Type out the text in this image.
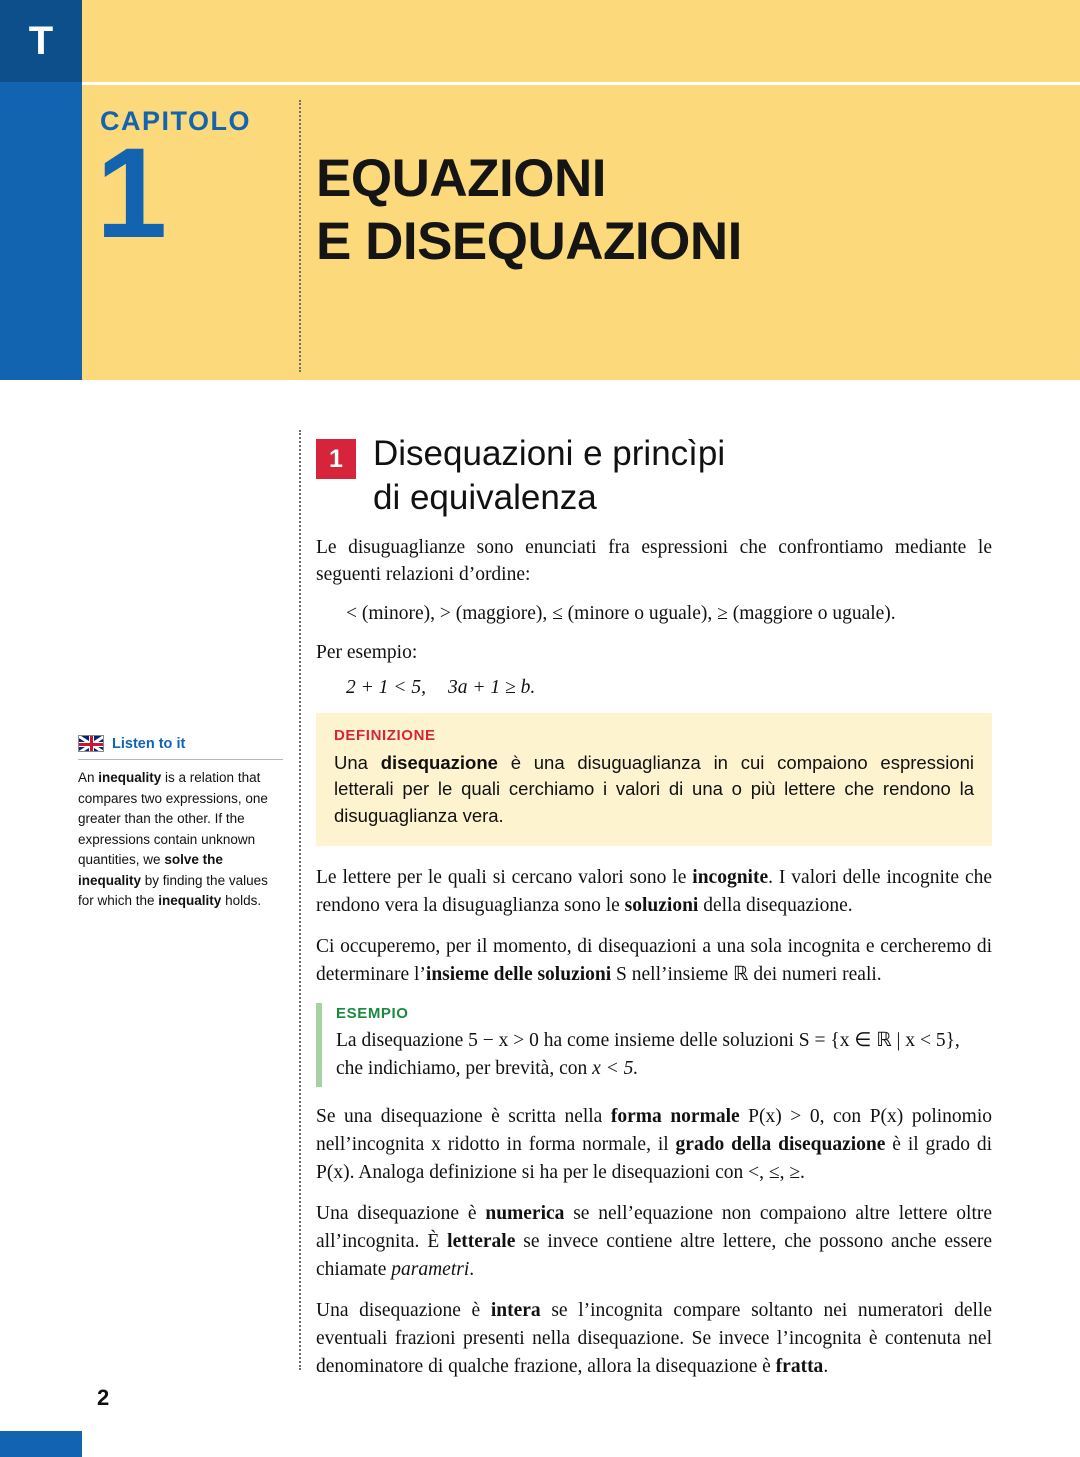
T
CAPITOLO
1	EQUAZIONI
E DISEQUAZIONI
Listen to it
An inequality is a relation that compares two expressions, one greater than the other. If the expressions contain unknown quantities, we solve the inequality by finding the values for which the inequality holds.
1 Disequazioni e princìpi
di equivalenza

Le disuguaglianze sono enunciati fra espressioni che confrontiamo mediante le seguenti relazioni d’ordine:

< (minore), > (maggiore), ≤ (minore o uguale), ≥ (maggiore o uguale).

Per esempio:

2 + 1 < 5, 3a + 1 ≥ b.
DEFINIZIONE
Una disequazione è una disuguaglianza in cui compaiono espressioni letterali per le quali cerchiamo i valori di una o più lettere che rendono la disuguaglianza vera.

Le lettere per le quali si cercano valori sono le incognite. I valori delle incognite che rendono vera la disuguaglianza sono le soluzioni della disequazione.

Ci occuperemo, per il momento, di disequazioni a una sola incognita e cercheremo di determinare l’insieme delle soluzioni S nell’insieme ℝ dei numeri reali.

ESEMPIO
La disequazione 5 − x > 0 ha come insieme delle soluzioni S = {x ∈ ℝ | x < 5},
che indichiamo, per brevità, con x < 5.

Se una disequazione è scritta nella forma normale P(x) > 0, con P(x) polinomio nell’incognita x ridotto in forma normale, il grado della disequazione è il grado di P(x). Analoga definizione si ha per le disequazioni con <, ≤, ≥.

Una disequazione è numerica se nell’equazione non compaiono altre lettere oltre all’incognita. È letterale se invece contiene altre lettere, che possono anche essere chiamate parametri.

Una disequazione è intera se l’incognita compare soltanto nei numeratori delle eventuali frazioni presenti nella disequazione. Se invece l’incognita è contenuta nel denominatore di qualche frazione, allora la disequazione è fratta.

2
